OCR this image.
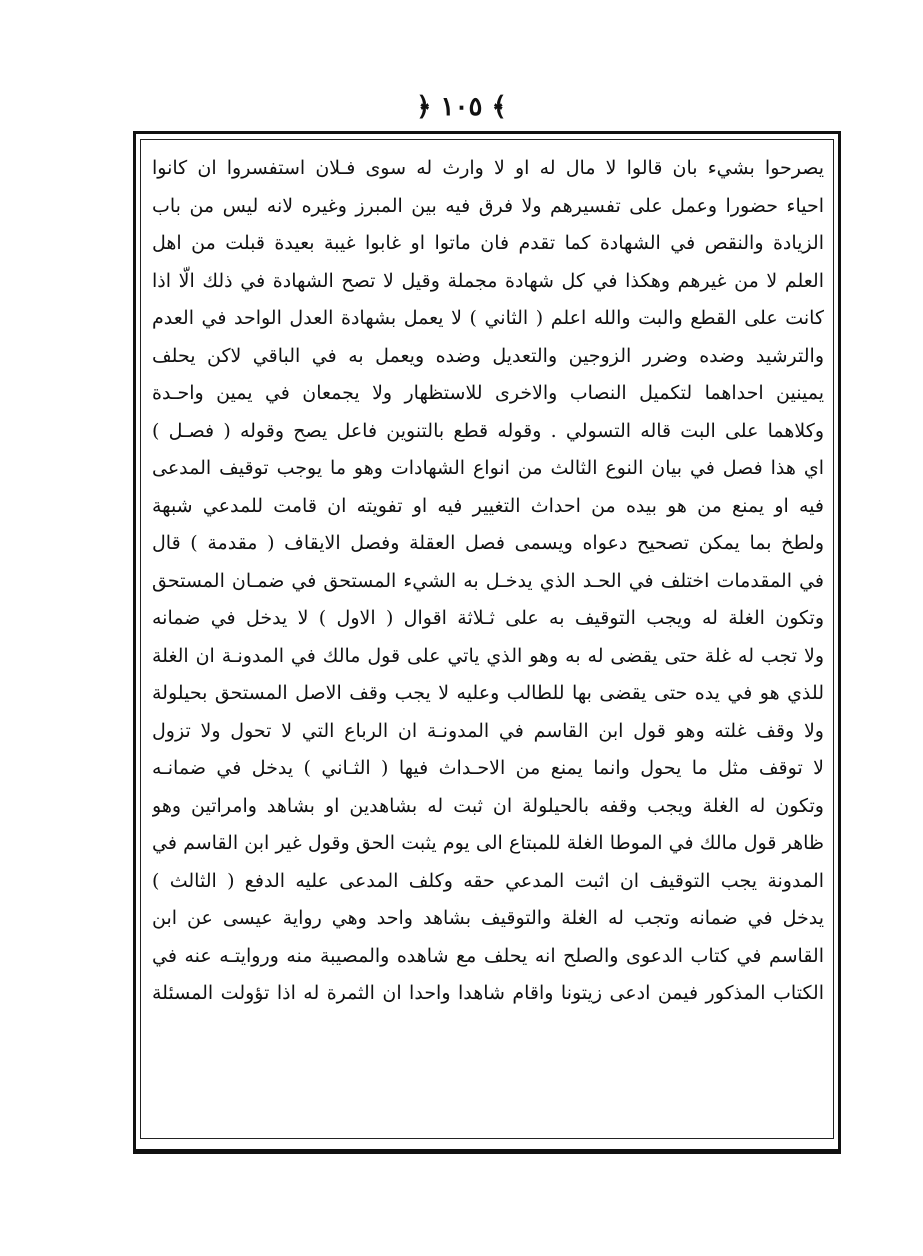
﴾ ١٠٥ ﴿
يصرحوا بشيء بان قالوا لا مال له او لا وارث له سوى فـلان استفسروا ان كانوا
احياء حضورا وعمل على تفسيرهم ولا فرق فيه بين المبرز وغيره لانه ليس من باب
الزيادة والنقص في الشهادة كما تقدم فان ماتوا او غابوا غيبة بعيدة قبلت من اهل
العلم لا من غيرهم وهكذا في كل شهادة مجملة وقيل لا تصح الشهادة في ذلك الّا اذا
كانت على القطع والبت والله اعلم ( الثاني ) لا يعمل بشهادة العدل الواحد في العدم
والترشيد وضده وضرر الزوجين والتعديل وضده ويعمل به في الباقي لاكن يحلف
يمينين احداهما لتكميل النصاب والاخرى للاستظهار ولا يجمعان في يمين واحـدة
وكلاهما على البت قاله التسولي . وقوله قطع بالتنوين فاعل يصح وقوله ( فصـل )
اي هذا فصل في بيان النوع الثالث من انواع الشهادات وهو ما يوجب توقيف المدعى
فيه او يمنع من هو بيده من احداث التغيير فيه او تفويته ان قامت للمدعي شبهة
ولطخ بما يمكن تصحيح دعواه ويسمى فصل العقلة وفصل الايقاف ( مقدمة ) قال
في المقدمات اختلف في الحـد الذي يدخـل به الشيء المستحق في ضمـان المستحق
وتكون الغلة له ويجب التوقيف به على ثـلاثة اقوال ( الاول ) لا يدخل في ضمانه
ولا تجب له غلة حتى يقضى له به وهو الذي ياتي على قول مالك في المدونـة ان الغلة
للذي هو في يده حتى يقضى بها للطالب وعليه لا يجب وقف الاصل المستحق بحيلولة
ولا وقف غلته وهو قول ابن القاسم في المدونـة ان الرباع التي لا تحول ولا تزول
لا توقف مثل ما يحول وانما يمنع من الاحـداث فيها ( الثـاني ) يدخل في ضمانـه
وتكون له الغلة ويجب وقفه بالحيلولة ان ثبت له بشاهدين او بشاهد وامراتين وهو
ظاهر قول مالك في الموطا الغلة للمبتاع الى يوم يثبت الحق وقول غير ابن القاسم في
المدونة يجب التوقيف ان اثبت المدعي حقه وكلف المدعى عليه الدفع ( الثالث )
يدخل في ضمانه وتجب له الغلة والتوقيف بشاهد واحد وهي رواية عيسى عن ابن
القاسم في كتاب الدعوى والصلح انه يحلف مع شاهده والمصيبة منه وروايتـه عنه في
الكتاب المذكور فيمن ادعى زيتونا واقام شاهدا واحدا ان الثمرة له اذا تؤولت المسئلة
